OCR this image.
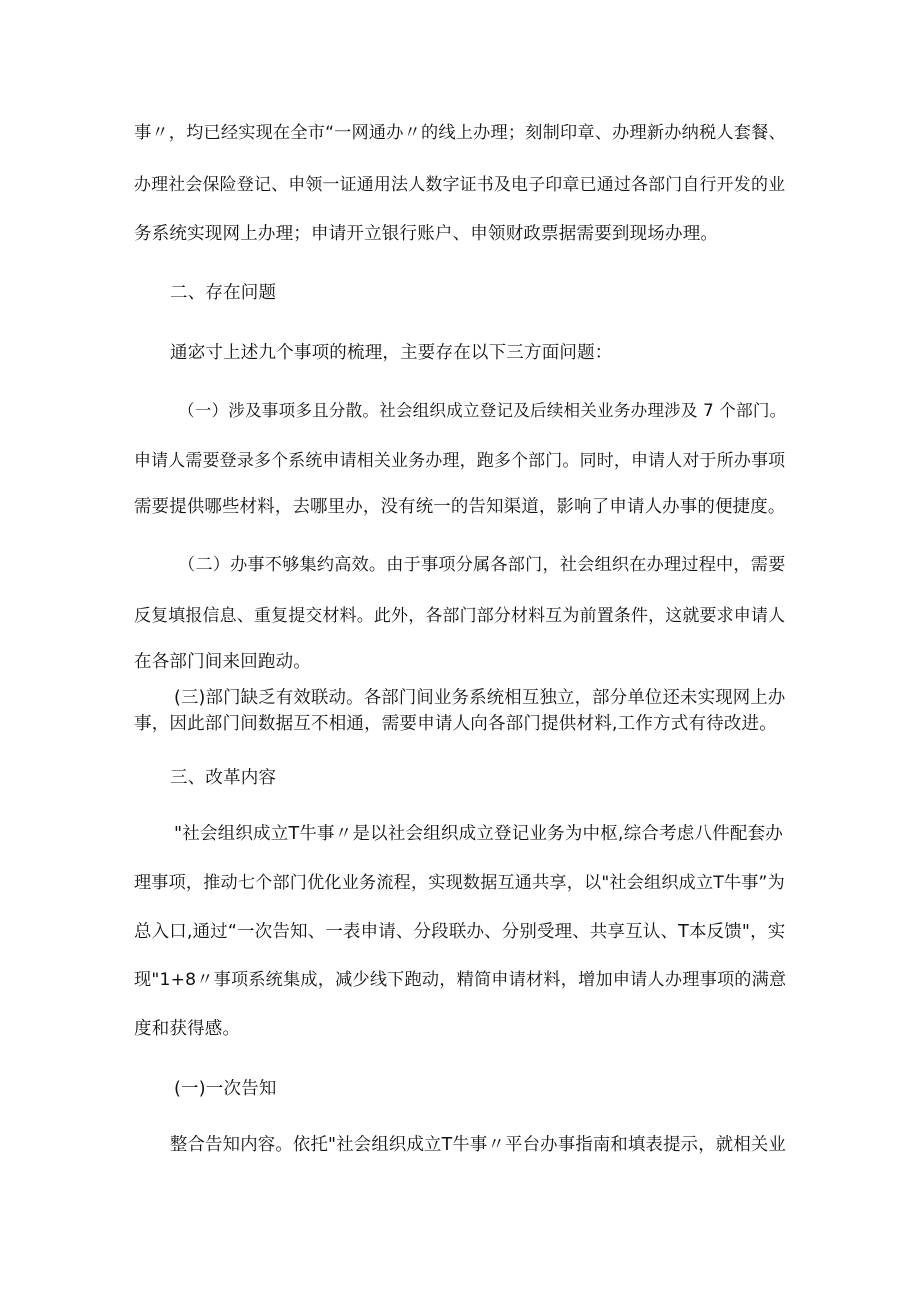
事〃，均已经实现在全市“一网通办〃的线上办理；刻制印章、办理新办纳税人套餐、
办理社会保险登记、申领一证通用法人数字证书及电子印章已通过各部门自行开发的业
务系统实现网上办理；申请开立银行账户、申领财政票据需要到现场办理。
二、存在问题
通宓寸上述九个事项的梳理，主要存在以下三方面问题：
（一）涉及事项多且分散。社会组织成立登记及后续相关业务办理涉及 7 个部门。
申请人需要登录多个系统申请相关业务办理，跑多个部门。同时，申请人对于所办事项
需要提供哪些材料，去哪里办，没有统一的告知渠道，影响了申请人办事的便捷度。
（二）办事不够集约高效。由于事项分属各部门，社会组织在办理过程中，需要
反复填报信息、重复提交材料。此外，各部门部分材料互为前置条件，这就要求申请人
在各部门间来回跑动。
(三)部门缺乏有效联动。各部门间业务系统相互独立，部分单位还未实现网上办
事，因此部门间数据互不相通，需要申请人向各部门提供材料,工作方式有待改进。
三、改革内容
"社会组织成立T牛事〃是以社会组织成立登记业务为中枢,综合考虑八件配套办
理事项，推动七个部门优化业务流程，实现数据互通共享，以"社会组织成立T牛事”为
总入口,通过“一次告知、一表申请、分段联办、分别受理、共享互认、T本反馈"，实
现"1+8〃事项系统集成，减少线下跑动，精简申请材料，增加申请人办理事项的满意
度和获得感。
(一)一次告知
整合告知内容。依托"社会组织成立T牛事〃平台办事指南和填表提示，就相关业
